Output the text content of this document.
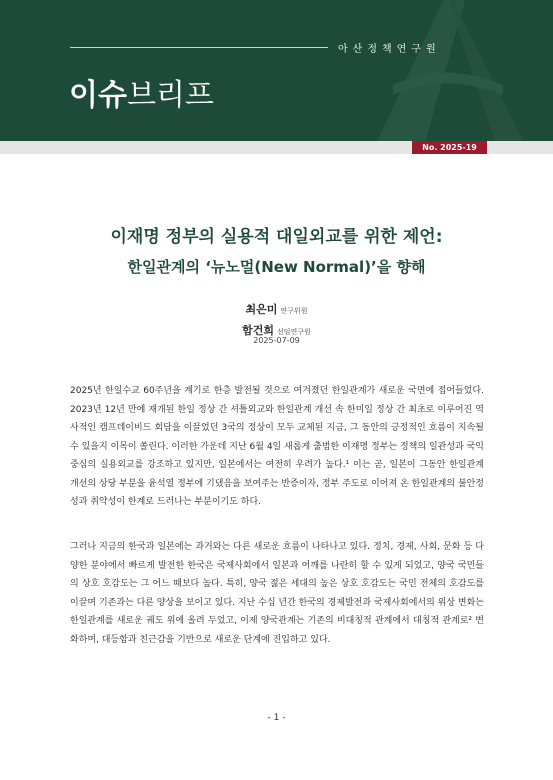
아산정책연구원
이슈브리프
No. 2025-19
이재명 정부의 실용적 대일외교를 위한 제언:
한일관계의 ‘뉴노멀(New Normal)’을 향해
최은미 연구위원
함건희 선임연구원
2025-07-09

2025년 한일수교 60주년을 계기로 한층 발전될 것으로 여겨졌던 한일관계가 새로운 국면에 접어들었다. 2023년 12년 만에 재개된 한일 정상 간 셔틀외교와 한일관계 개선 속 한미일 정상 간 최초로 이루어진 역사적인 캠프데이비드 회담을 이끌었던 3국의 정상이 모두 교체된 지금, 그 동안의 긍정적인 흐름이 지속될 수 있을지 이목이 쏠린다. 이러한 가운데 지난 6월 4일 새롭게 출범한 이재명 정부는 정책의 일관성과 국익 중심의 실용외교를 강조하고 있지만, 일본에서는 여전히 우려가 높다.¹ 이는 곧, 일본이 그동안 한일관계 개선의 상당 부분을 윤석열 정부에 기댔음을 보여주는 반증이자, 정부 주도로 이어져 온 한일관계의 불안정성과 취약성이 한계로 드러나는 부분이기도 하다.

그러나 지금의 한국과 일본에는 과거와는 다른 새로운 흐름이 나타나고 있다. 정치, 경제, 사회, 문화 등 다양한 분야에서 빠르게 발전한 한국은 국제사회에서 일본과 어깨를 나란히 할 수 있게 되었고, 양국 국민들의 상호 호감도는 그 어느 때보다 높다. 특히, 양국 젊은 세대의 높은 상호 호감도는 국민 전체의 호감도를 이끌며 기존과는 다른 양상을 보이고 있다. 지난 수십 년간 한국의 경제발전과 국제사회에서의 위상 변화는 한일관계를 새로운 궤도 위에 올려 두었고, 이제 양국관계는 기존의 비대칭적 관계에서 대칭적 관계로² 변화하며, 대등함과 친근감을 기반으로 새로운 단계에 진입하고 있다.

- 1 -
